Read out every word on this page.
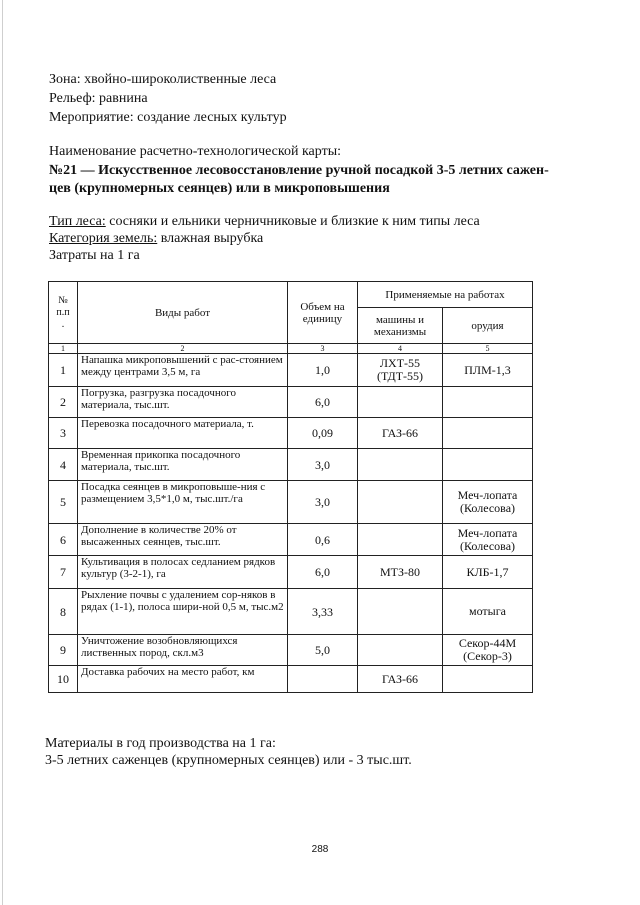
Зона: хвойно-широколиственные леса
Рельеф: равнина
Мероприятие: создание лесных культур
Наименование расчетно-технологической карты:
№21 — Искусственное лесовосстановление ручной посадкой 3-5 летних сажен-
цев (крупномерных сеянцев) или в микроповышения
Тип леса: сосняки и ельники черничниковые и близкие к ним типы леса
Категория земель: влажная вырубка
Затраты на 1 га
№
п.п
.	Виды работ	Объем на единицу	Применяемые на работах	
			машины и механизмы	орудия
1	2	3	4	5
1	Напашка микроповышений с рас-стоянием между центрами 3,5 м, га	1,0	ЛХТ-55 (ТДТ-55)	ПЛМ-1,3
2	Погрузка, разгрузка посадочного материала, тыс.шт.	6,0		
3	Перевозка посадочного материала, т.	0,09	ГАЗ-66	
4	Временная прикопка посадочного материала, тыс.шт.	3,0		
5	Посадка сеянцев в микроповыше-ния с размещением 3,5*1,0 м, тыс.шт./га	3,0		Меч-лопата (Колесова)
6	Дополнение в количестве 20% от высаженных сеянцев, тыс.шт.	0,6		Меч-лопата (Колесова)
7	Культивация в полосах седланием рядков культур (3-2-1), га	6,0	МТЗ-80	КЛБ-1,7
8	Рыхление почвы с удалением сор-няков в рядах (1-1), полоса шири-ной 0,5 м, тыс.м2	3,33		мотыга
9	Уничтожение возобновляющихся лиственных пород, скл.м3	5,0		Секор-44М (Секор-3)
10	Доставка рабочих на место работ, км		ГАЗ-66	
Материалы в год производства на 1 га:
3-5 летних саженцев (крупномерных сеянцев) или - 3 тыс.шт.
288
